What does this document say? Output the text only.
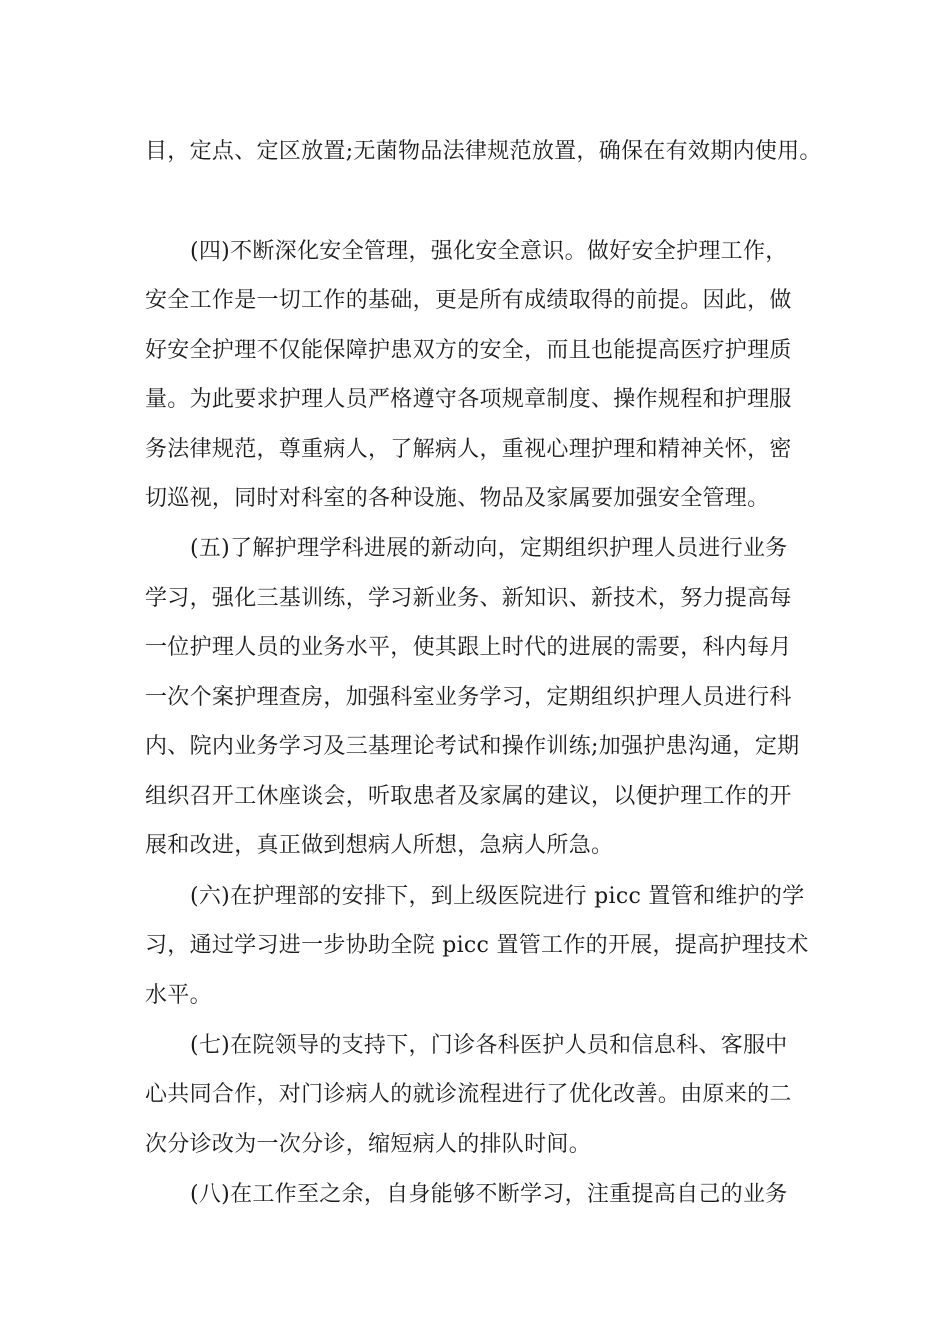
目，定点、定区放置;无菌物品法律规范放置，确保在有效期内使用。
(四)不断深化安全管理，强化安全意识。做好安全护理工作，
安全工作是一切工作的基础，更是所有成绩取得的前提。因此，做
好安全护理不仅能保障护患双方的安全，而且也能提高医疗护理质
量。为此要求护理人员严格遵守各项规章制度、操作规程和护理服
务法律规范，尊重病人，了解病人，重视心理护理和精神关怀，密
切巡视，同时对科室的各种设施、物品及家属要加强安全管理。
(五)了解护理学科进展的新动向，定期组织护理人员进行业务
学习，强化三基训练，学习新业务、新知识、新技术，努力提高每
一位护理人员的业务水平，使其跟上时代的进展的需要，科内每月
一次个案护理查房，加强科室业务学习，定期组织护理人员进行科
内、院内业务学习及三基理论考试和操作训练;加强护患沟通，定期
组织召开工休座谈会，听取患者及家属的建议，以便护理工作的开
展和改进，真正做到想病人所想，急病人所急。
(六)在护理部的安排下，到上级医院进行 picc 置管和维护的学
习，通过学习进一步协助全院 picc 置管工作的开展，提高护理技术
水平。
(七)在院领导的支持下，门诊各科医护人员和信息科、客服中
心共同合作，对门诊病人的就诊流程进行了优化改善。由原来的二
次分诊改为一次分诊，缩短病人的排队时间。
(八)在工作至之余，自身能够不断学习，注重提高自己的业务
